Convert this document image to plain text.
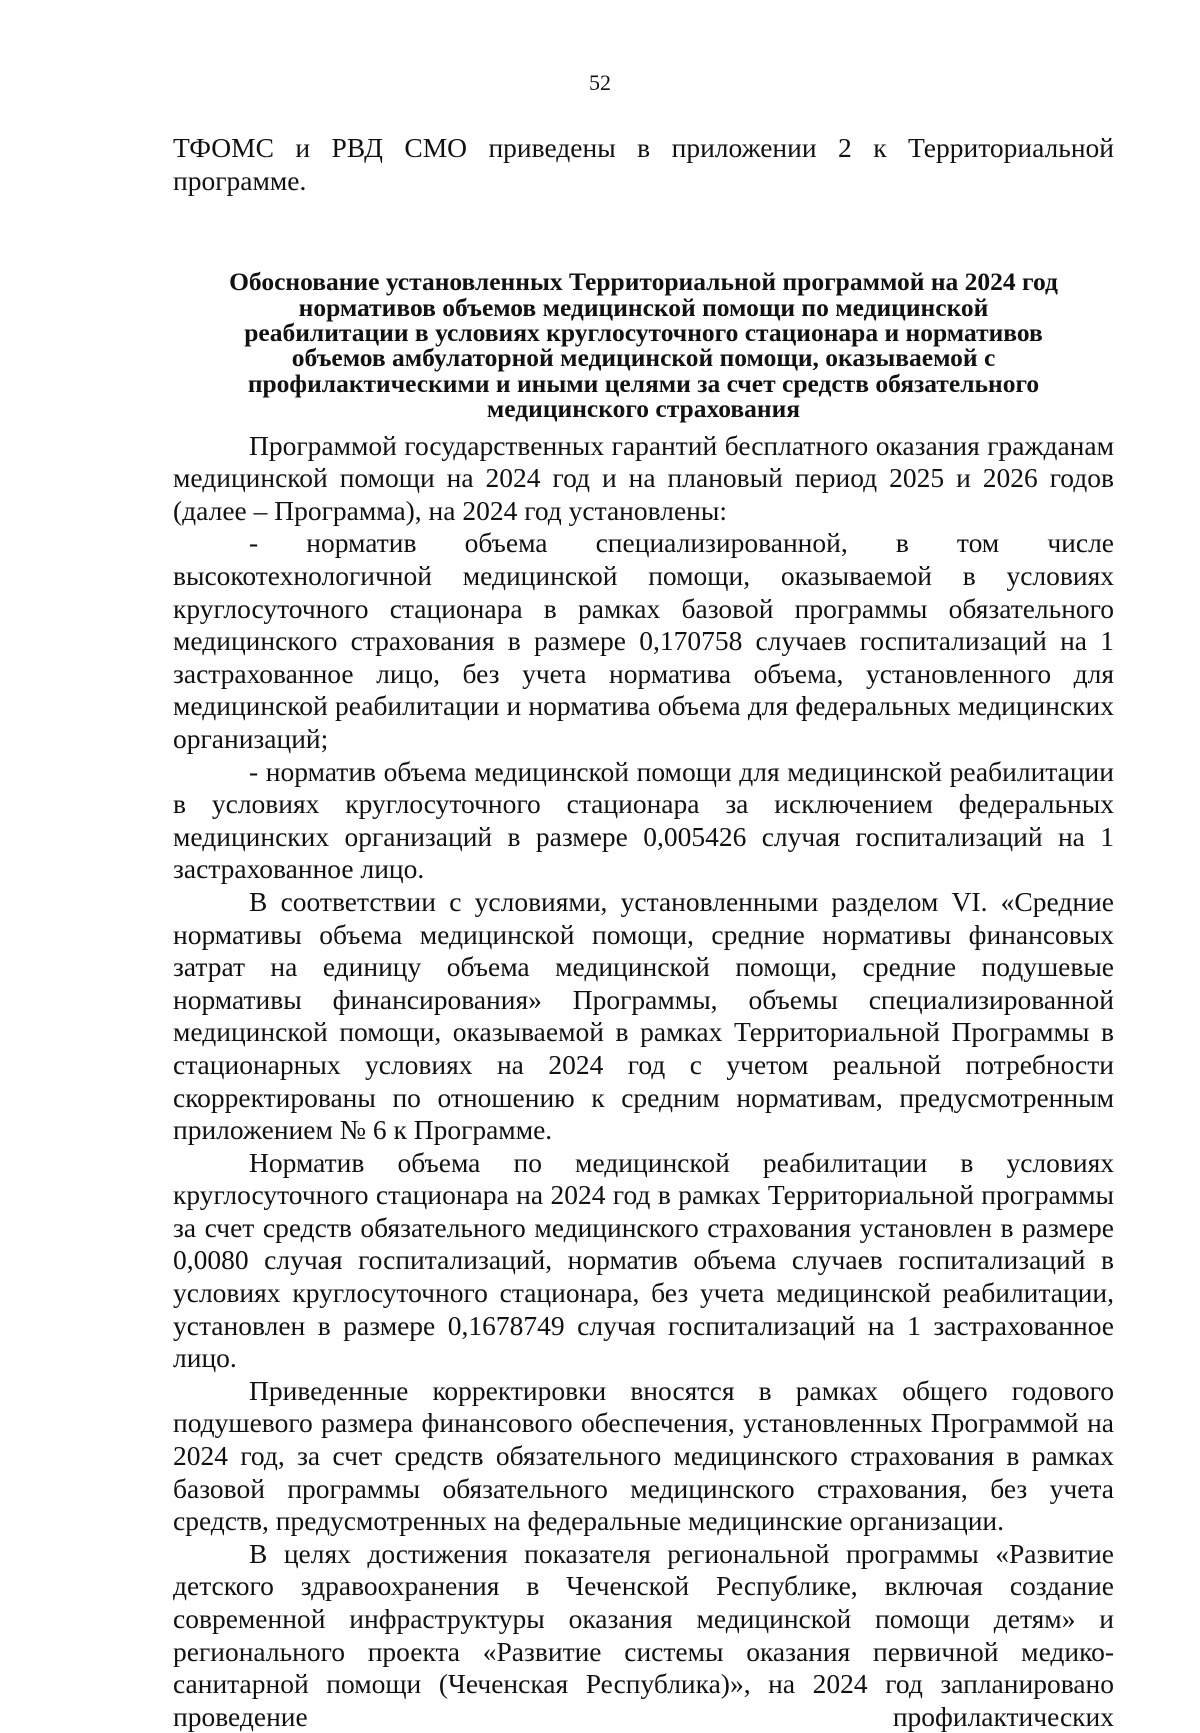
52

ТФОМС и РВД СМО приведены в приложении 2 к Территориальной программе.

Обоснование установленных Территориальной программой на 2024 год
нормативов объемов медицинской помощи по медицинской
реабилитации в условиях круглосуточного стационара и нормативов
объемов амбулаторной медицинской помощи, оказываемой с
профилактическими и иными целями за счет средств обязательного
медицинского страхования

Программой государственных гарантий бесплатного оказания гражданам медицинской помощи на 2024 год и на плановый период 2025 и 2026 годов (далее – Программа), на 2024 год установлены:

- норматив объема специализированной, в том числе высокотехнологичной медицинской помощи, оказываемой в условиях круглосуточного стационара в рамках базовой программы обязательного медицинского страхования в размере 0,170758 случаев госпитализаций на 1 застрахованное лицо, без учета норматива объема, установленного для медицинской реабилитации и норматива объема для федеральных медицинских организаций;

- норматив объема медицинской помощи для медицинской реабилитации в условиях круглосуточного стационара за исключением федеральных медицинских организаций в размере 0,005426 случая госпитализаций на 1 застрахованное лицо.

В соответствии с условиями, установленными разделом VI. «Средние нормативы объема медицинской помощи, средние нормативы финансовых затрат на единицу объема медицинской помощи, средние подушевые нормативы финансирования» Программы, объемы специализированной медицинской помощи, оказываемой в рамках Территориальной Программы в стационарных условиях на 2024 год с учетом реальной потребности скорректированы по отношению к средним нормативам, предусмотренным приложением № 6 к Программе.

Норматив объема по медицинской реабилитации в условиях круглосуточного стационара на 2024 год в рамках Территориальной программы за счет средств обязательного медицинского страхования установлен в размере 0,0080 случая госпитализаций, норматив объема случаев госпитализаций в условиях круглосуточного стационара, без учета медицинской реабилитации, установлен в размере 0,1678749 случая госпитализаций на 1 застрахованное лицо.

Приведенные корректировки вносятся в рамках общего годового подушевого размера финансового обеспечения, установленных Программой на 2024 год, за счет средств обязательного медицинского страхования в рамках базовой программы обязательного медицинского страхования, без учета средств, предусмотренных на федеральные медицинские организации.

В целях достижения показателя региональной программы «Развитие детского здравоохранения в Чеченской Республике, включая создание современной инфраструктуры оказания медицинской помощи детям» и регионального проекта «Развитие системы оказания первичной медико-санитарной помощи (Чеченская Республика)», на 2024 год запланировано проведение профилактических
